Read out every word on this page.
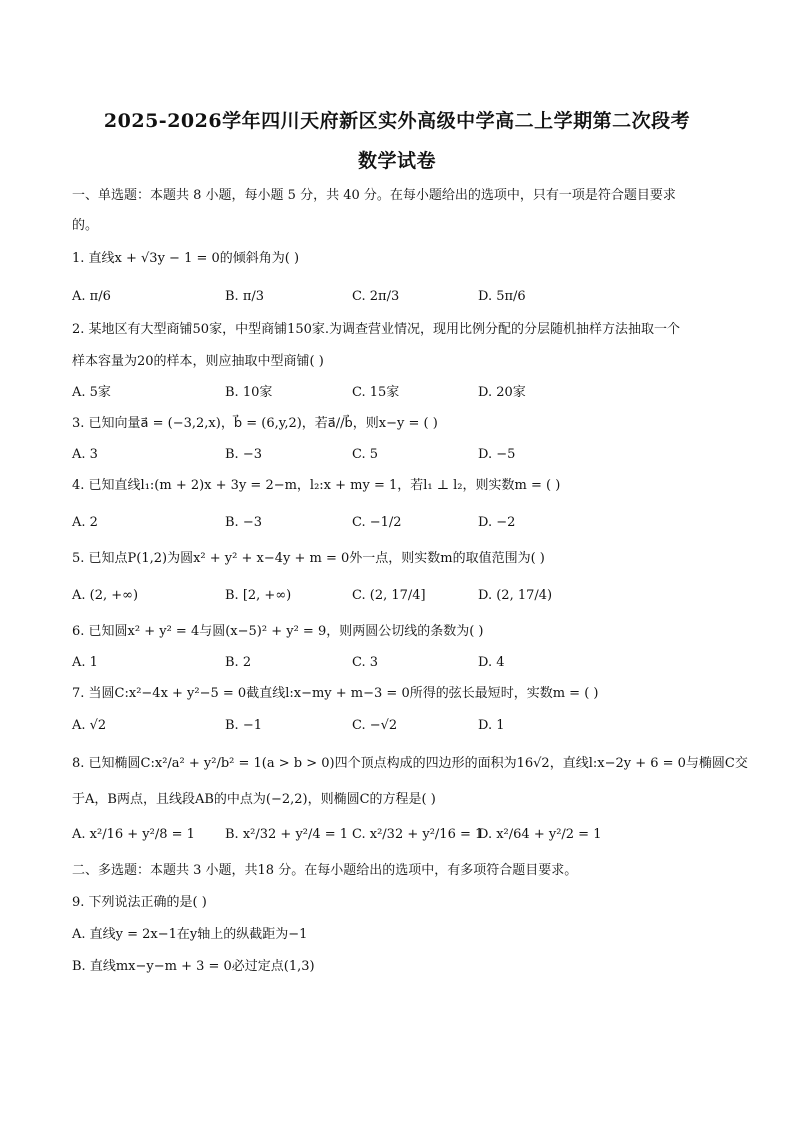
2025-2026学年四川天府新区实外高级中学高二上学期第二次段考
数学试卷
一、单选题：本题共 8 小题，每小题 5 分，共 40 分。在每小题给出的选项中，只有一项是符合题目要求
的。
1. 直线x + √3y − 1 = 0的倾斜角为( )
A. π/6	B. π/3	C. 2π/3	D. 5π/6
2. 某地区有大型商铺50家，中型商铺150家.为调查营业情况，现用比例分配的分层随机抽样方法抽取一个
样本容量为20的样本，则应抽取中型商铺( )
A. 5家	B. 10家	C. 15家	D. 20家
3. 已知向量a⃗ = (−3,2,x)，b⃗ = (6,y,2)，若a⃗//b⃗，则x−y = ( )
A. 3	B. −3	C. 5	D. −5
4. 已知直线l₁:(m + 2)x + 3y = 2−m，l₂:x + my = 1，若l₁ ⊥ l₂，则实数m = ( )
A. 2	B. −3	C. −1/2	D. −2
5. 已知点P(1,2)为圆x² + y² + x−4y + m = 0外一点，则实数m的取值范围为( )
A. (2, +∞)	B. [2, +∞)	C. (2, 17/4]	D. (2, 17/4)
6. 已知圆x² + y² = 4与圆(x−5)² + y² = 9，则两圆公切线的条数为( )
A. 1	B. 2	C. 3	D. 4
7. 当圆C:x²−4x + y²−5 = 0截直线l:x−my + m−3 = 0所得的弦长最短时，实数m = ( )
A. √2	B. −1	C. −√2	D. 1
8. 已知椭圆C:x²/a² + y²/b² = 1(a > b > 0)四个顶点构成的四边形的面积为16√2，直线l:x−2y + 6 = 0与椭圆C交
于A，B两点，且线段AB的中点为(−2,2)，则椭圆C的方程是( )
A. x²/16 + y²/8 = 1 B. x²/32 + y²/4 = 1 C. x²/32 + y²/16 = 1
D. x²/64 + y²/2 = 1
二、多选题：本题共 3 小题，共18 分。在每小题给出的选项中，有多项符合题目要求。
9. 下列说法正确的是( )
A. 直线y = 2x−1在y轴上的纵截距为−1
B. 直线mx−y−m + 3 = 0必过定点(1,3)
